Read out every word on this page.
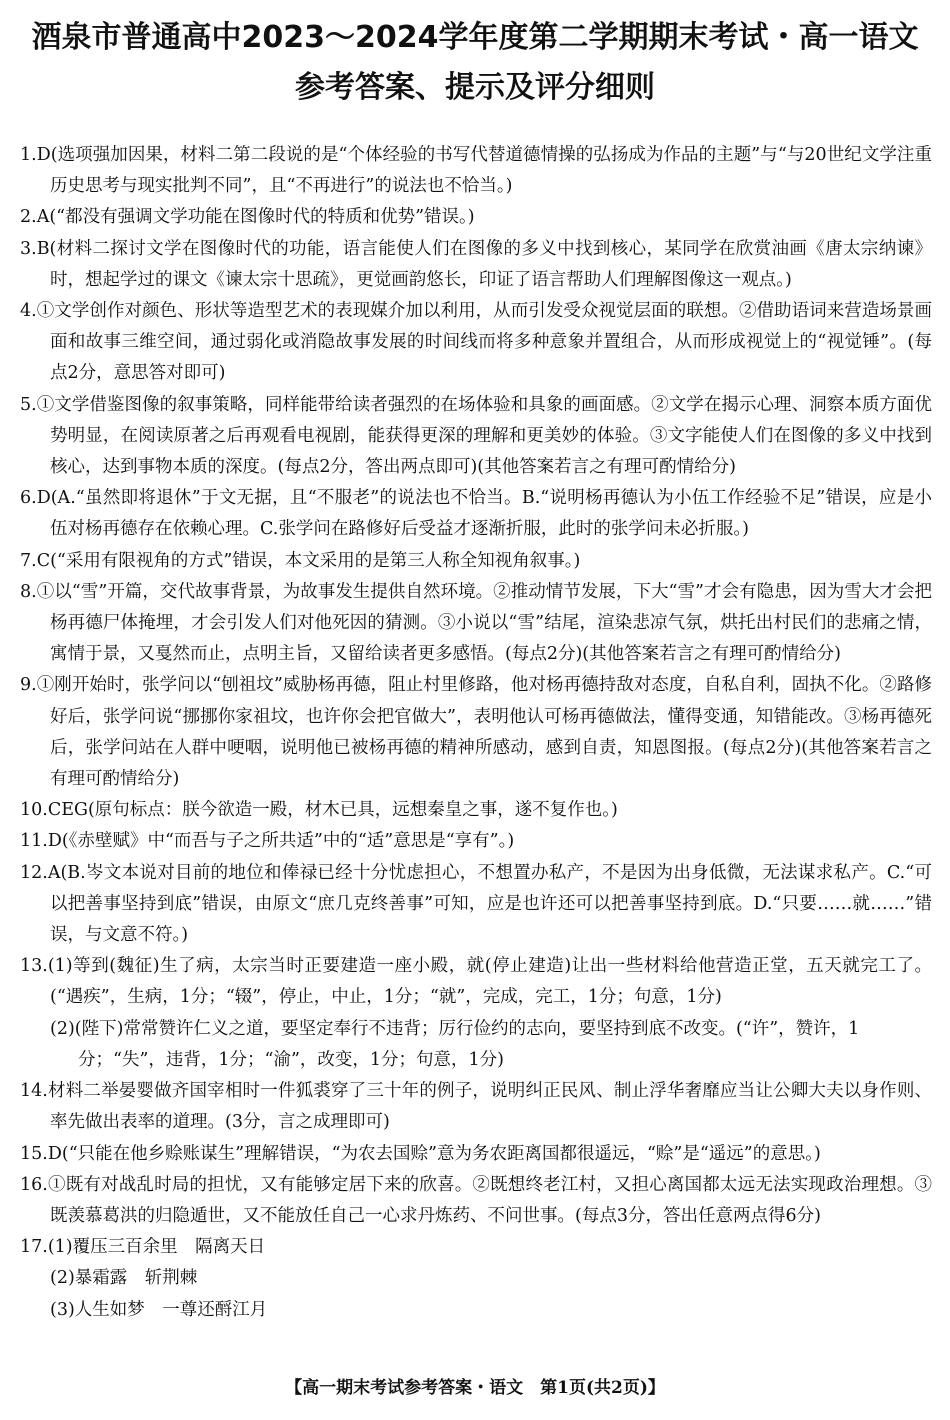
酒泉市普通高中2023～2024学年度第二学期期末考试・高一语文
参考答案、提示及评分细则
1.D(选项强加因果，材料二第二段说的是“个体经验的书写代替道德情操的弘扬成为作品的主题”与“与20世纪文学注重历史思考与现实批判不同”，且“不再进行”的说法也不恰当。)
2.A(“都没有强调文学功能在图像时代的特质和优势”错误。)
3.B(材料二探讨文学在图像时代的功能，语言能使人们在图像的多义中找到核心，某同学在欣赏油画《唐太宗纳谏》时，想起学过的课文《谏太宗十思疏》，更觉画韵悠长，印证了语言帮助人们理解图像这一观点。)
4.①文学创作对颜色、形状等造型艺术的表现媒介加以利用，从而引发受众视觉层面的联想。②借助语词来营造场景画面和故事三维空间，通过弱化或消隐故事发展的时间线而将多种意象并置组合，从而形成视觉上的“视觉锤”。(每点2分，意思答对即可)
5.①文学借鉴图像的叙事策略，同样能带给读者强烈的在场体验和具象的画面感。②文学在揭示心理、洞察本质方面优势明显，在阅读原著之后再观看电视剧，能获得更深的理解和更美妙的体验。③文字能使人们在图像的多义中找到核心，达到事物本质的深度。(每点2分，答出两点即可)(其他答案若言之有理可酌情给分)
6.D(A.“虽然即将退休”于文无据，且“不服老”的说法也不恰当。B.“说明杨再德认为小伍工作经验不足”错误，应是小伍对杨再德存在依赖心理。C.张学问在路修好后受益才逐渐折服，此时的张学问未必折服。)
7.C(“采用有限视角的方式”错误，本文采用的是第三人称全知视角叙事。)
8.①以“雪”开篇，交代故事背景，为故事发生提供自然环境。②推动情节发展，下大“雪”才会有隐患，因为雪大才会把杨再德尸体掩埋，才会引发人们对他死因的猜测。③小说以“雪”结尾，渲染悲凉气氛，烘托出村民们的悲痛之情，寓情于景，又戛然而止，点明主旨，又留给读者更多感悟。(每点2分)(其他答案若言之有理可酌情给分)
9.①刚开始时，张学问以“刨祖坟”威胁杨再德，阻止村里修路，他对杨再德持敌对态度，自私自利，固执不化。②路修好后，张学问说“挪挪你家祖坟，也许你会把官做大”，表明他认可杨再德做法，懂得变通，知错能改。③杨再德死后，张学问站在人群中哽咽，说明他已被杨再德的精神所感动，感到自责，知恩图报。(每点2分)(其他答案若言之有理可酌情给分)
10.CEG(原句标点：朕今欲造一殿，材木已具，远想秦皇之事，遂不复作也。)
11.D(《赤壁赋》中“而吾与子之所共适”中的“适”意思是“享有”。)
12.A(B.岑文本说对目前的地位和俸禄已经十分忧虑担心，不想置办私产，不是因为出身低微，无法谋求私产。C.“可以把善事坚持到底”错误，由原文“庶几克终善事”可知，应是也许还可以把善事坚持到底。D.“只要……就……”错误，与文意不符。)
13.(1)等到(魏征)生了病，太宗当时正要建造一座小殿，就(停止建造)让出一些材料给他营造正堂，五天就完工了。(“遇疾”，生病，1分；“辍”，停止，中止，1分；“就”，完成，完工，1分；句意，1分)
(2)(陛下)常常赞许仁义之道，要坚定奉行不违背；厉行俭约的志向，要坚持到底不改变。(“许”，赞许，1分；“失”，违背，1分；“渝”，改变，1分；句意，1分)
14.材料二举晏婴做齐国宰相时一件狐裘穿了三十年的例子，说明纠正民风、制止浮华奢靡应当让公卿大夫以身作则、率先做出表率的道理。(3分，言之成理即可)
15.D(“只能在他乡赊账谋生”理解错误，“为农去国赊”意为务农距离国都很遥远，“赊”是“遥远”的意思。)
16.①既有对战乱时局的担忧，又有能够定居下来的欣喜。②既想终老江村，又担心离国都太远无法实现政治理想。③既羡慕葛洪的归隐遁世，又不能放任自己一心求丹炼药、不问世事。(每点3分，答出任意两点得6分)
17.(1)覆压三百余里　隔离天日
(2)暴霜露　斩荆棘
(3)人生如梦　一尊还酹江月
【高一期末考试参考答案・语文　第1页(共2页)】
